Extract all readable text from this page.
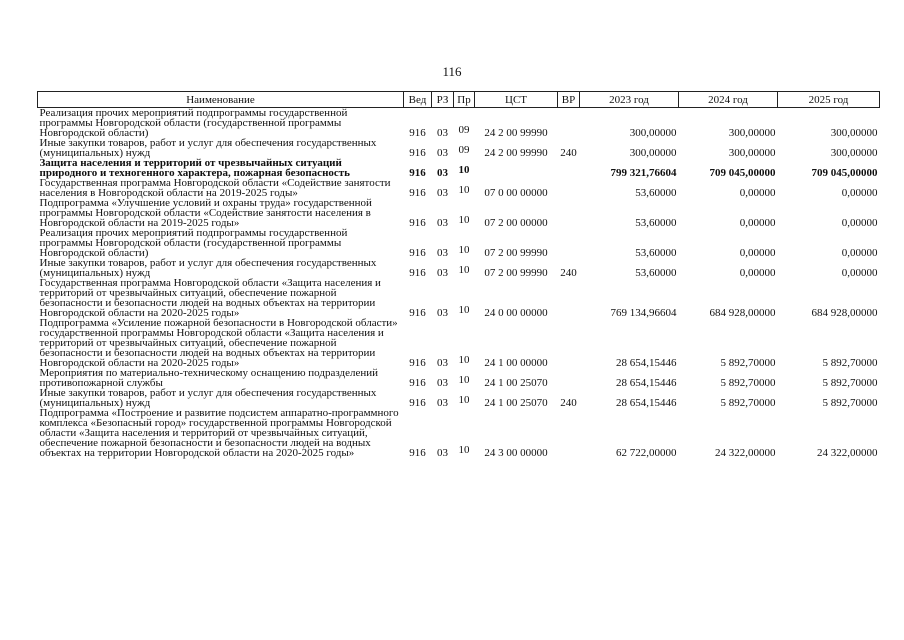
116
Наименование	Вед	РЗ	Пр	ЦСТ	ВР	2023 год	2024 год	2025 год
Реализация прочих мероприятий подпрограммы государственной программы Новгородской области (государственной программы Новгородской области)	916	03	09	24 2 00 99990		300,00000	300,00000	300,00000
Иные закупки товаров, работ и услуг для обеспечения государственных (муниципальных) нужд	916	03	09	24 2 00 99990	240	300,00000	300,00000	300,00000
Защита населения и территорий от чрезвычайных ситуаций природного и техногенного характера, пожарная безопасность	916	03	10			799 321,76604	709 045,00000	709 045,00000
Государственная программа Новгородской области «Содействие занятости населения в Новгородской области на 2019-2025 годы»	916	03	10	07 0 00 00000		53,60000	0,00000	0,00000
Подпрограмма «Улучшение условий и охраны труда» государственной программы Новгородской области «Содействие занятости населения в Новгородской области на 2019-2025 годы»	916	03	10	07 2 00 00000		53,60000	0,00000	0,00000
Реализация прочих мероприятий подпрограммы государственной программы Новгородской области (государственной программы Новгородской области)	916	03	10	07 2 00 99990		53,60000	0,00000	0,00000
Иные закупки товаров, работ и услуг для обеспечения государственных (муниципальных) нужд	916	03	10	07 2 00 99990	240	53,60000	0,00000	0,00000
Государственная программа Новгородской области «Защита населения и территорий от чрезвычайных ситуаций, обеспечение пожарной безопасности и безопасности людей на водных объектах на территории Новгородской области на 2020-2025 годы»	916	03	10	24 0 00 00000		769 134,96604	684 928,00000	684 928,00000
Подпрограмма «Усиление пожарной безопасности в Новгородской области» государственной программы Новгородской области «Защита населения и территорий от чрезвычайных ситуаций, обеспечение пожарной безопасности и безопасности людей на водных объектах на территории Новгородской области на 2020-2025 годы»	916	03	10	24 1 00 00000		28 654,15446	5 892,70000	5 892,70000
Мероприятия по материально-техническому оснащению подразделений противопожарной службы	916	03	10	24 1 00 25070		28 654,15446	5 892,70000	5 892,70000
Иные закупки товаров, работ и услуг для обеспечения государственных (муниципальных) нужд	916	03	10	24 1 00 25070	240	28 654,15446	5 892,70000	5 892,70000
Подпрограмма «Построение и развитие подсистем аппаратно-программного комплекса «Безопасный город» государственной программы Новгородской области «Защита населения и территорий от чрезвычайных ситуаций, обеспечение пожарной безопасности и безопасности людей на водных объектах на территории Новгородской области на 2020-2025 годы»	916	03	10	24 3 00 00000		62 722,00000	24 322,00000	24 322,00000
